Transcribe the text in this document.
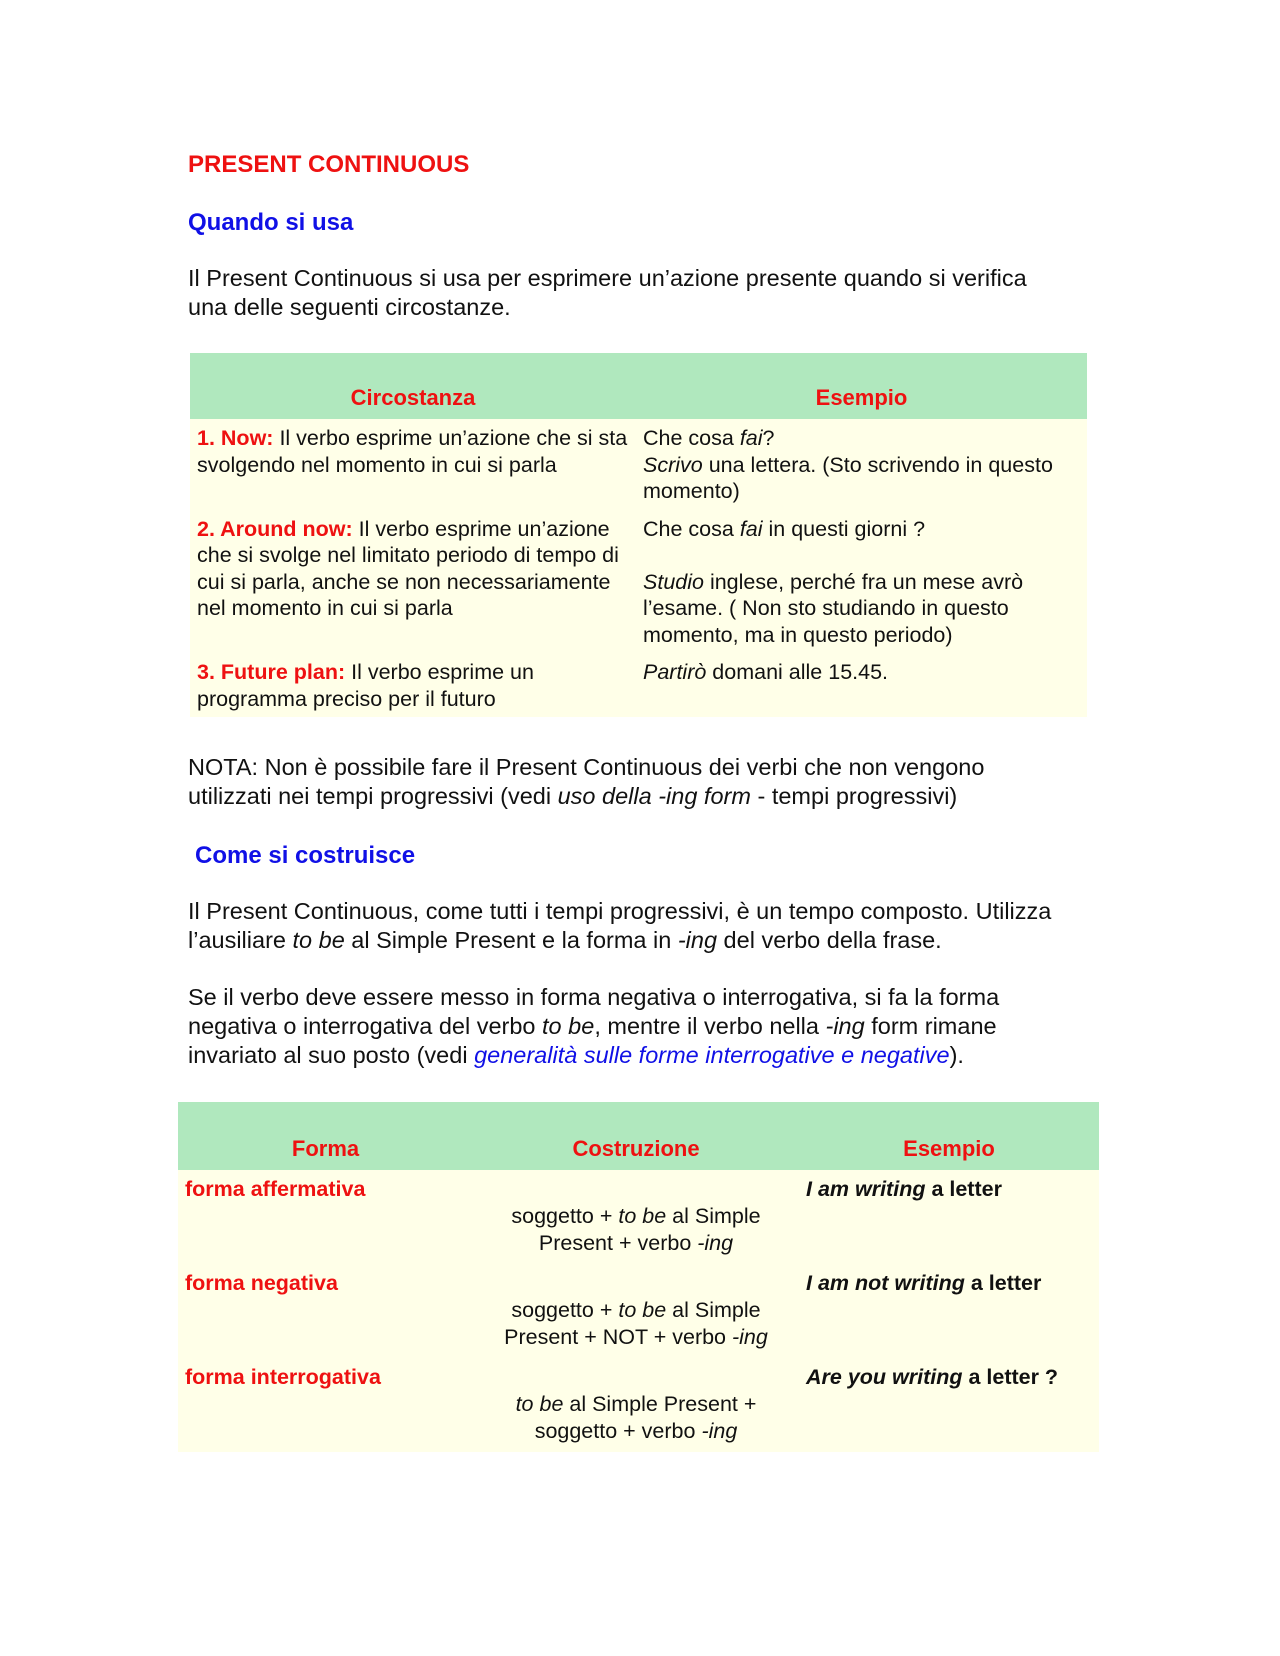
PRESENT CONTINUOUS
Quando si usa

Il Present Continuous si usa per esprimere un’azione presente quando si verifica una delle seguenti circostanze.

Circostanza	Esempio
1. Now: Il verbo esprime un’azione che si sta svolgendo nel momento in cui si parla	Che cosa fai?
Scrivo una lettera. (Sto scrivendo in questo momento)
2. Around now: Il verbo esprime un’azione che si svolge nel limitato periodo di tempo di cui si parla, anche se non necessariamente nel momento in cui si parla	Che cosa fai in questi giorni ?

Studio inglese, perché fra un mese avrò l’esame. ( Non sto studiando in questo momento, ma in questo periodo)
3. Future plan: Il verbo esprime un programma preciso per il futuro	Partirò domani alle 15.45.

NOTA: Non è possibile fare il Present Continuous dei verbi che non vengono utilizzati nei tempi progressivi (vedi uso della -ing form - tempi progressivi)

Come si costruisce

Il Present Continuous, come tutti i tempi progressivi, è un tempo composto. Utilizza l’ausiliare to be al Simple Present e la forma in -ing del verbo della frase.

Se il verbo deve essere messo in forma negativa o interrogativa, si fa la forma negativa o interrogativa del verbo to be, mentre il verbo nella -ing form rimane invariato al suo posto (vedi generalità sulle forme interrogative e negative).

Forma	Costruzione	Esempio
forma affermativa	soggetto + to be al Simple Present + verbo -ing	I am writing a letter
forma negativa	soggetto + to be al Simple Present + NOT + verbo -ing	I am not writing a letter
forma interrogativa	to be al Simple Present + soggetto + verbo -ing	Are you writing a letter ?
